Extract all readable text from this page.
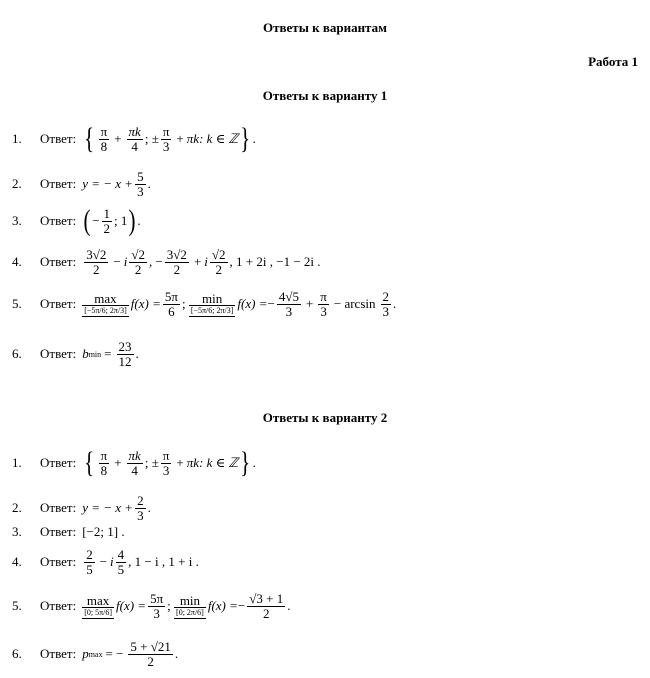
Ответы к вариантам
Работа 1
Ответы к варианту 1
1.	Ответ: { $\frac{\pi}{8} + \frac{\pi k}{4}$ ; ± $\frac{\pi}{3} + \pi k$ : k ∈ ℤ } .
2.	Ответ: y = − $x + \frac{5}{3}$ .
3.	Ответ: ( − $\frac{1}{2}$ ; 1 ) .
4.	Ответ: $\frac{3√2}{2} - i \frac{√2}{2}$ , − $\frac{3√2}{2} + i \frac{√2}{2}$ , 1 + 2i ,
−1 − 2i .
5.	Ответ: max
[−5π/6; 2π/3] $f(x) = \frac{5\pi}{6}$ ; min
[−5π/6; 2π/3] f(x) = − $\frac{4√5}{3} + \frac{\pi}{3} - \arcsin \frac{2}{3}$ .
6.	Ответ: b $\min = \frac{23}{12}$ .
Ответы к варианту 2
1.	Ответ: { $\frac{\pi}{8} + \frac{\pi k}{4}$ ; ± $\frac{\pi}{3} + \pi k$ : k ∈ ℤ } .
2.	Ответ: y = − $x + \frac{2}{3}$ .
3.	Ответ: [−2; 1] .
4.	Ответ: $\frac{2}{5} - i \frac{4}{5}$ , 1 − i ,
1 + i .
5.	Ответ: max
[0; 5π/6] $f(x) = \frac{5\pi}{3}$ ; min
[0; 2π/6] f(x) = − $\frac{√3 + 1}{2}$ .
6.	Ответ: p max = − $\frac{5 + √21}{2}$ .
